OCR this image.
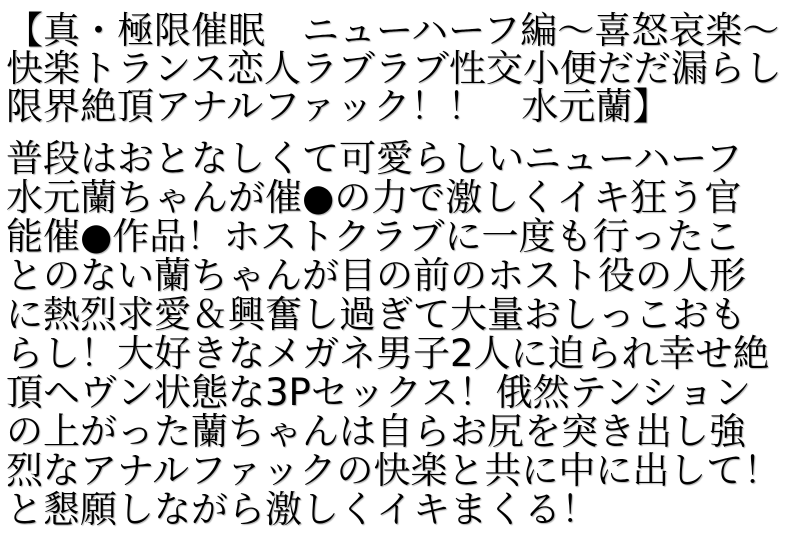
【真・極限催眠　ニューハーフ編～喜怒哀楽～
快楽トランス恋人ラブラブ性交小便だだ漏らし
限界絶頂アナルファック！！　水元蘭】
普段はおとなしくて可愛らしいニューハーフ
水元蘭ちゃんが催●の力で激しくイキ狂う官
能催●作品！ホストクラブに一度も行ったこ
とのない蘭ちゃんが目の前のホスト役の人形
に熱烈求愛＆興奮し過ぎて大量おしっこおも
らし！大好きなメガネ男子2人に迫られ幸せ絶
頂ヘヴン状態な3Pセックス！俄然テンション
の上がった蘭ちゃんは自らお尻を突き出し強
烈なアナルファックの快楽と共に中に出して！
と懇願しながら激しくイキまくる！
